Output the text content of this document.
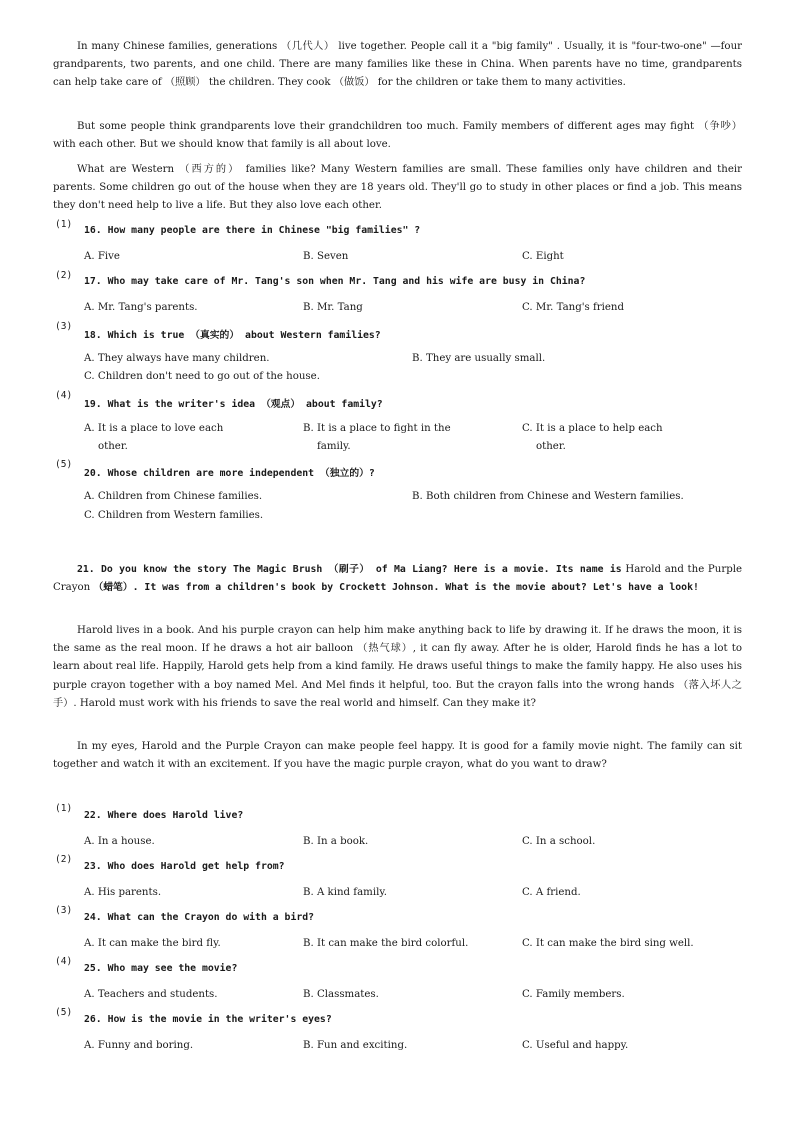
In many Chinese families, generations （几代人） live together. People call it a "big family" . Usually, it is "four-two-one" —four grandparents, two parents, and one child. There are many families like these in China. When parents have no time, grandparents can help take care of （照顾） the children. They cook （做饭） for the children or take them to many activities.

But some people think grandparents love their grandchildren too much. Family members of different ages may fight （争吵） with each other. But we should know that family is all about love.

What are Western （西方的） families like? Many Western families are small. These families only have children and their parents. Some children go out of the house when they are 18 years old. They'll go to study in other places or find a job. This means they don't need help to live a life. But they also love each other.

(1)
16. How many people are there in Chinese "big families" ?
A. Five	B. Seven	C. Eight
(2)
17. Who may take care of Mr. Tang's son when Mr. Tang and his wife are busy in China?
A. Mr. Tang's parents.	B. Mr. Tang	C. Mr. Tang's friend
(3)
18. Which is true （真实的） about Western families?
A. They always have many children.	B. They are usually small.
C. Children don't need to go out of the house.
(4)
19. What is the writer's idea （观点） about family?
A. It is a place to love each
other.
B. It is a place to fight in the
family.
C. It is a place to help each
other.
(5)
20. Whose children are more independent （独立的）?
A. Children from Chinese families.	B. Both children from Chinese and Western families.
C. Children from Western families.

21. Do you know the story The Magic Brush （刷子） of Ma Liang? Here is a movie. Its name is Harold and the Purple Crayon （蜡笔）. It was from a children's book by Crockett Johnson. What is the movie about? Let's have a look!

Harold lives in a book. And his purple crayon can help him make anything back to life by drawing it. If he draws the moon, it is the same as the real moon. If he draws a hot air balloon （热气球）, it can fly away. After he is older, Harold finds he has a lot to learn about real life. Happily, Harold gets help from a kind family. He draws useful things to make the family happy. He also uses his purple crayon together with a boy named Mel. And Mel finds it helpful, too. But the crayon falls into the wrong hands （落入坏人之手）. Harold must work with his friends to save the real world and himself. Can they make it?

In my eyes, Harold and the Purple Crayon can make people feel happy. It is good for a family movie night. The family can sit together and watch it with an excitement. If you have the magic purple crayon, what do you want to draw?

(1)
22. Where does Harold live?
A. In a house.	B. In a book.	C. In a school.
(2)
23. Who does Harold get help from?
A. His parents.	B. A kind family.	C. A friend.
(3)
24. What can the Crayon do with a bird?
A. It can make the bird fly.	B. It can make the bird colorful.	C. It can make the bird sing well.
(4)
25. Who may see the movie?
A. Teachers and students.	B. Classmates.	C. Family members.
(5)
26. How is the movie in the writer's eyes?
A. Funny and boring.	B. Fun and exciting.	C. Useful and happy.
